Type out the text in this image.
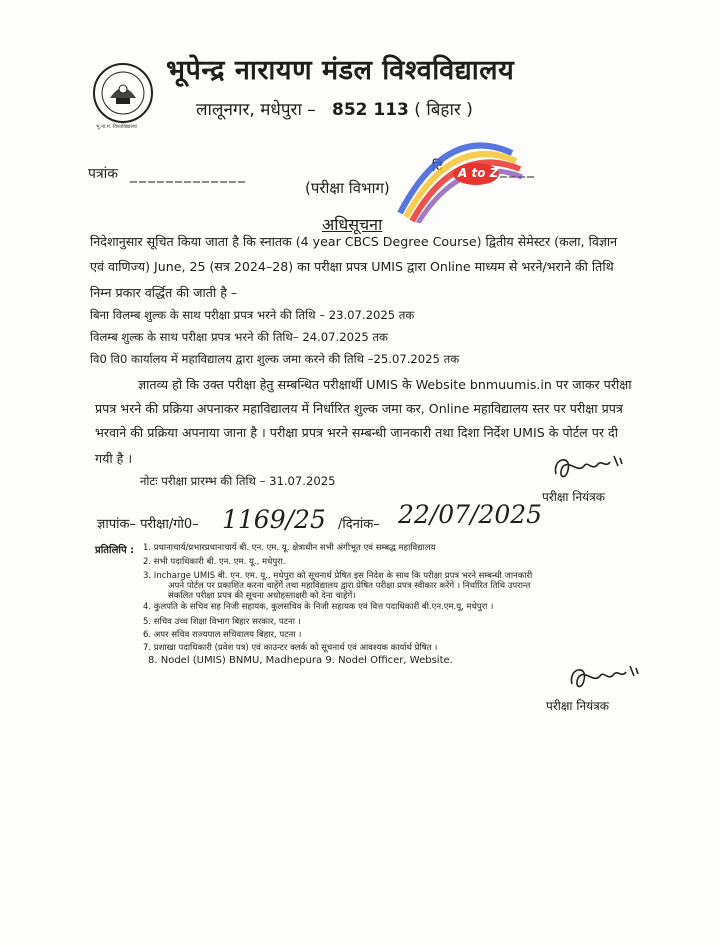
भू.ना.मं. विश्वविद्यालय
भूपेन्द्र नारायण मंडल विश्वविद्यालय
लालूनगर, मधेपुरा – 852 113 ( बिहार )
पत्रांक _____________	दि	____
(परीक्षा विभाग)
A to Z
अधिसूचना
निदेशानुसार सूचित किया जाता है कि स्नातक (4 year CBCS Degree Course) द्वितीय सेमेस्टर (कला, विज्ञान
एवं वाणिज्य) June, 25 (सत्र 2024–28) का परीक्षा प्रपत्र UMIS द्वारा Online माध्यम से भरने/भराने की तिथि
निम्न प्रकार वर्द्धित की जाती है –
बिना विलम्ब शुल्क के साथ परीक्षा प्रपत्र भरने की तिथि – 23.07.2025 तक
विलम्ब शुल्क के साथ परीक्षा प्रपत्र भरने की तिथि– 24.07.2025 तक
वि0 वि0 कार्यालय में महाविद्यालय द्वारा शुल्क जमा करने की तिथि –25.07.2025 तक
ज्ञातव्य हो कि उक्त परीक्षा हेतु सम्बन्धित परीक्षार्थी UMIS के Website bnmuumis.in पर जाकर परीक्षा
प्रपत्र भरने की प्रक्रिया अपनाकर महाविद्यालय में निर्धारित शुल्क जमा कर, Online महाविद्यालय स्तर पर परीक्षा प्रपत्र
भरवाने की प्रक्रिया अपनाया जाना है । परीक्षा प्रपत्र भरने सम्बन्धी जानकारी तथा दिशा निर्देश UMIS के पोर्टल पर दी
गयी है ।
नोटः परीक्षा प्रारम्भ की तिथि – 31.07.2025
परीक्षा नियंत्रक
ज्ञापांक– परीक्षा/गो0– 1169/25 /दिनांक– 22/07/2025
प्रतिलिपि : 1. प्रधानाचार्य/प्रभारप्रधानाचार्य बी. एन. एम. यू. क्षेत्राधीन सभी अंगीभूत एवं सम्बद्ध महाविद्यालय
2. सभी पदाधिकारी बी. एन. एम. यू., मधेपुरा.
3. Incharge UMIS बी. एन. एम. यू., मधेपुरा को सूचनार्थ प्रेषित इस निदेश के साथ कि परीक्षा प्रपत्र भरने सम्बन्धी जानकारी
अपने पोर्टल पर प्रकाशित करना चाहेंगें तथा महाविद्यालय द्वारा प्रेषित परीक्षा प्रपत्र स्वीकार करेंगे । निर्धारित तिथि उपरान्त
संकलित परीक्षा प्रपत्र की सूचना अधोहस्ताक्षरी को देना चाहेंगें।
4. कुलपति के सचिव सह निजी सहायक, कुलसचिव के निजी सहायक एवं वित्त पदाधिकारी बी.एन.एम.यू, मधेपुरा ।
5. सचिव उच्च शिक्षा विभाग बिहार सरकार, पटना ।
6. अपर सचिव राज्यपाल सचिवालय बिहार, पटना ।
7. प्रशाखा पदाधिकारी (प्रवेश पत्र) एवं काउन्टर क्लर्क को सूचनार्थ एवं आवश्यक कार्यार्थ प्रेषित ।
8. Nodel (UMIS) BNMU, Madhepura 9. Nodel Officer, Website.
परीक्षा नियंत्रक
